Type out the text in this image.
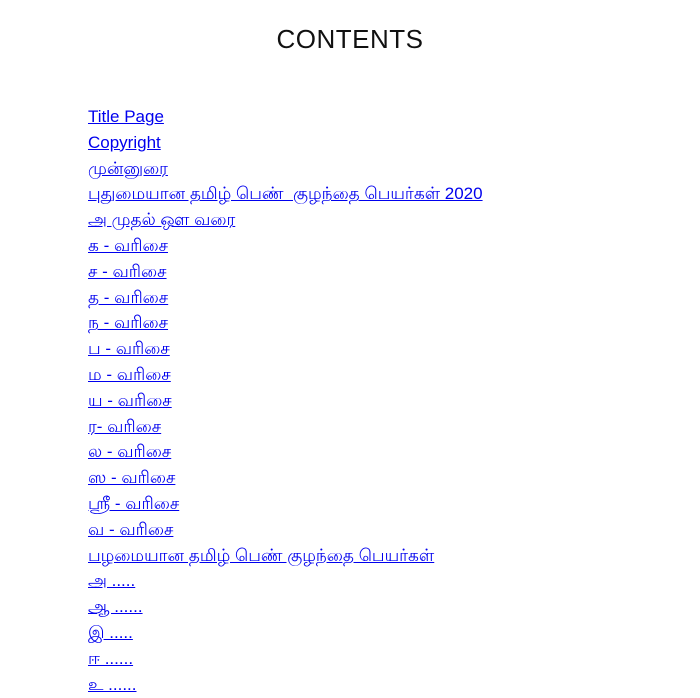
CONTENTS
Title Page
Copyright
முன்னுரை
புதுமையான தமிழ் பெண்  குழந்தை பெயர்கள் 2020
அ முதல் ஔ வரை
க - வரிசை
ச - வரிசை
த - வரிசை
ந - வரிசை
ப - வரிசை
ம - வரிசை
ய - வரிசை
ர- வரிசை
ல - வரிசை
ஸ - வரிசை
ஸ்ரீ - வரிசை
வ - வரிசை
பழமையான தமிழ் பெண் குழந்தை பெயர்கள்
அ .....
ஆ ......
இ .....
ஈ ......
உ ......
